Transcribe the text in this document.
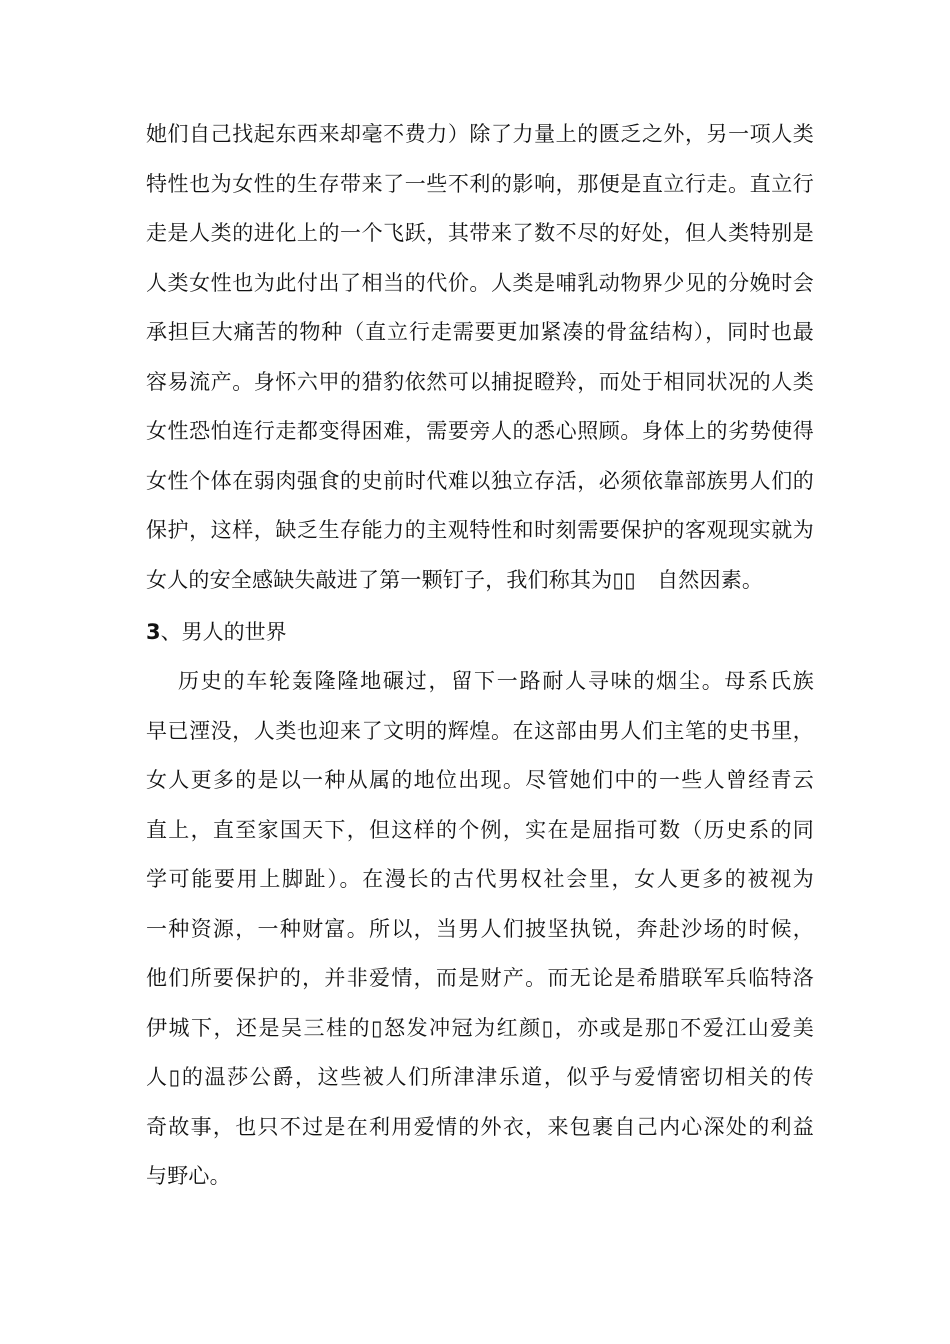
她们自己找起东西来却毫不费力）除了力量上的匮乏之外，另一项人类
特性也为女性的生存带来了一些不利的影响，那便是直立行走。直立行
走是人类的进化上的一个飞跃，其带来了数不尽的好处，但人类特别是
人类女性也为此付出了相当的代价。人类是哺乳动物界少见的分娩时会
承担巨大痛苦的物种（直立行走需要更加紧凑的骨盆结构），同时也最
容易流产。身怀六甲的猎豹依然可以捕捉瞪羚，而处于相同状况的人类
女性恐怕连行走都变得困难，需要旁人的悉心照顾。身体上的劣势使得
女性个体在弱肉强食的史前时代难以独立存活，必须依靠部族男人们的
保护，这样，缺乏生存能力的主观特性和时刻需要保护的客观现实就为
女人的安全感缺失敲进了第一颗钉子，我们称其为▯▯　自然因素。
3、男人的世界
历史的车轮轰隆隆地碾过，留下一路耐人寻味的烟尘。母系氏族
早已湮没，人类也迎来了文明的辉煌。在这部由男人们主笔的史书里，
女人更多的是以一种从属的地位出现。尽管她们中的一些人曾经青云
直上，直至家国天下，但这样的个例，实在是屈指可数（历史系的同
学可能要用上脚趾）。在漫长的古代男权社会里，女人更多的被视为
一种资源，一种财富。所以，当男人们披坚执锐，奔赴沙场的时候，
他们所要保护的，并非爱情，而是财产。而无论是希腊联军兵临特洛
伊城下，还是吴三桂的▯怒发冲冠为红颜▯，亦或是那▯不爱江山爱美
人▯的温莎公爵，这些被人们所津津乐道，似乎与爱情密切相关的传
奇故事，也只不过是在利用爱情的外衣，来包裹自己内心深处的利益
与野心。
